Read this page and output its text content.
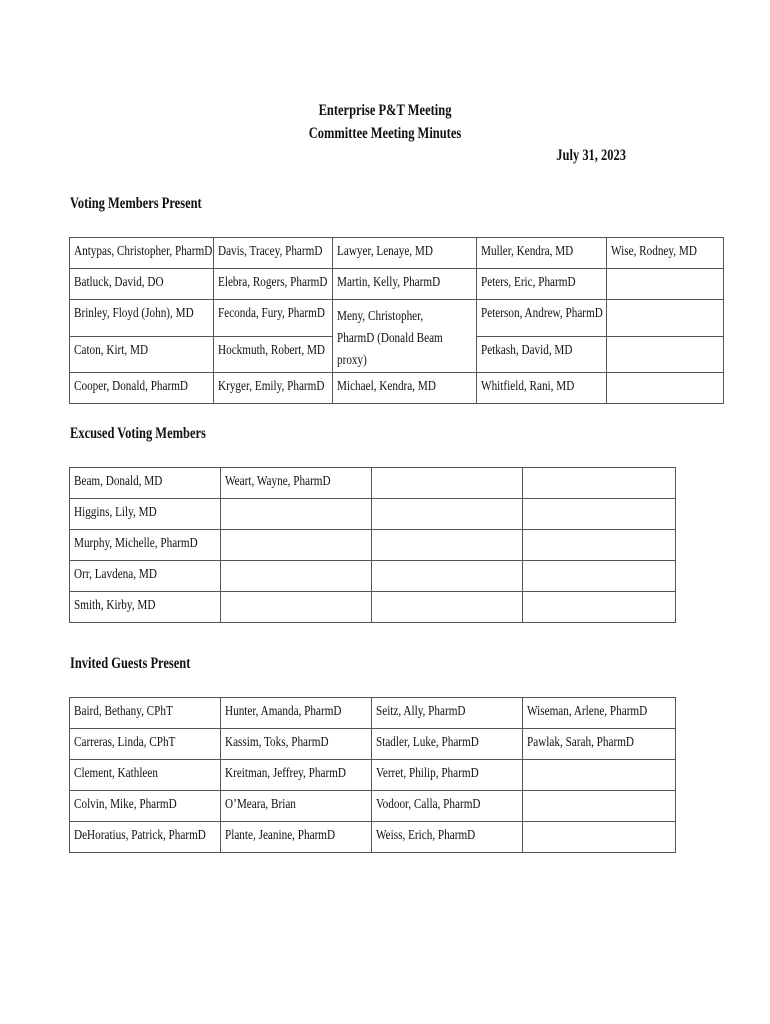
Enterprise P&T Meeting
Committee Meeting Minutes
July 31, 2023
Voting Members Present
Antypas, Christopher, PharmD	Davis, Tracey, PharmD	Lawyer, Lenaye, MD	Muller, Kendra, MD	Wise, Rodney, MD
Batluck, David, DO	Elebra, Rogers, PharmD	Martin, Kelly, PharmD	Peters, Eric, PharmD	
Brinley, Floyd (John), MD	Feconda, Fury, PharmD	Meny, Christopher, PharmD (Donald Beam proxy)	Peterson, Andrew, PharmD	
Caton, Kirt, MD	Hockmuth, Robert, MD		Petkash, David, MD	
Cooper, Donald, PharmD	Kryger, Emily, PharmD	Michael, Kendra, MD	Whitfield, Rani, MD	
Excused Voting Members
Beam, Donald, MD	Weart, Wayne, PharmD		
Higgins, Lily, MD			
Murphy, Michelle, PharmD			
Orr, Lavdena, MD			
Smith, Kirby, MD			
Invited Guests Present
Baird, Bethany, CPhT	Hunter, Amanda, PharmD	Seitz, Ally, PharmD	Wiseman, Arlene, PharmD
Carreras, Linda, CPhT	Kassim, Toks, PharmD	Stadler, Luke, PharmD	Pawlak, Sarah, PharmD
Clement, Kathleen	Kreitman, Jeffrey, PharmD	Verret, Philip, PharmD	
Colvin, Mike, PharmD	O’Meara, Brian	Vodoor, Calla, PharmD	
DeHoratius, Patrick, PharmD	Plante, Jeanine, PharmD	Weiss, Erich, PharmD	
